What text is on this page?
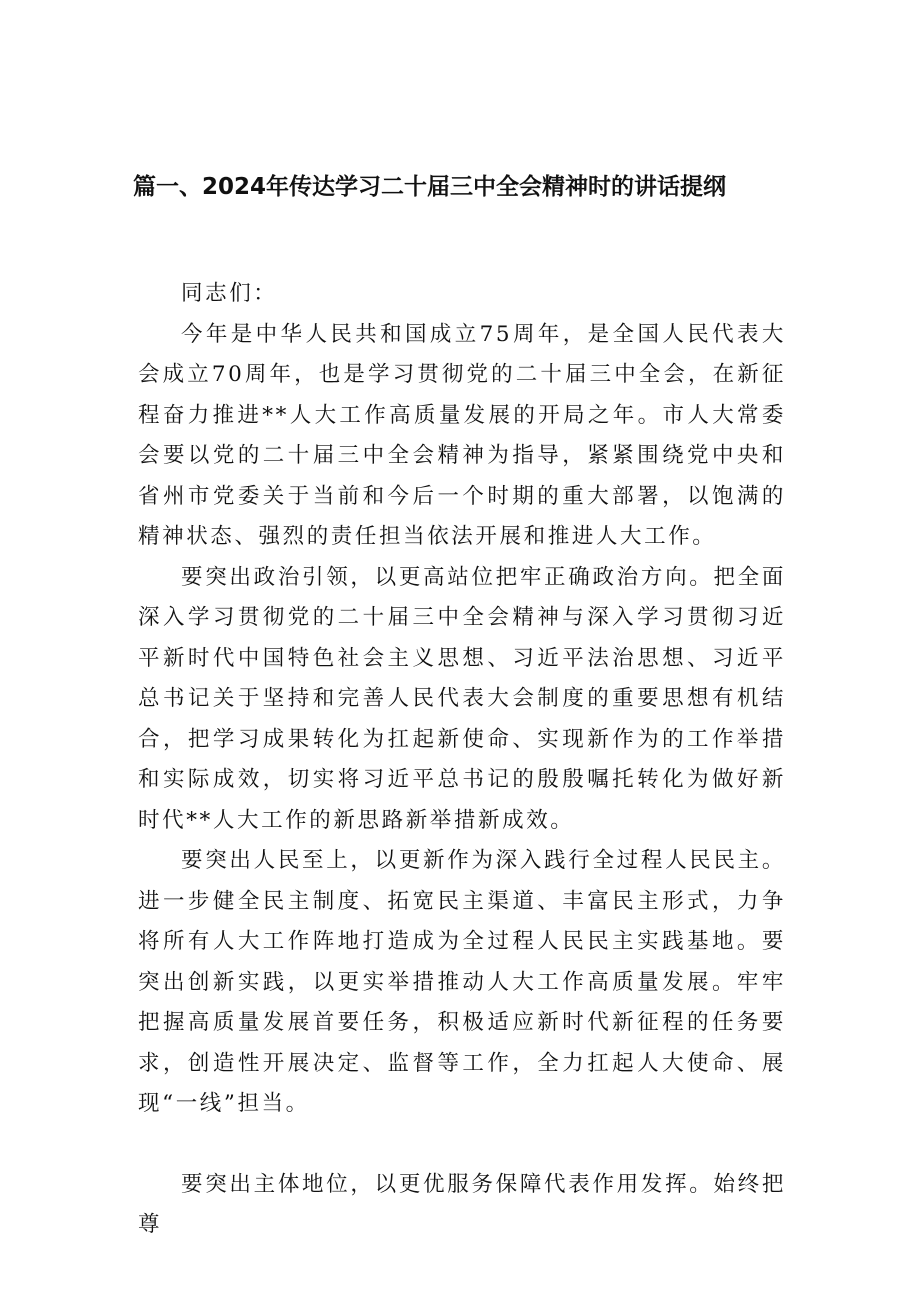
篇一、2024年传达学习二十届三中全会精神时的讲话提纲

同志们：

今年是中华人民共和国成立75周年，是全国人民代表大会成立70周年，也是学习贯彻党的二十届三中全会，在新征程奋力推进**人大工作高质量发展的开局之年。市人大常委会要以党的二十届三中全会精神为指导，紧紧围绕党中央和省州市党委关于当前和今后一个时期的重大部署，以饱满的精神状态、强烈的责任担当依法开展和推进人大工作。

要突出政治引领，以更高站位把牢正确政治方向。把全面深入学习贯彻党的二十届三中全会精神与深入学习贯彻习近平新时代中国特色社会主义思想、习近平法治思想、习近平总书记关于坚持和完善人民代表大会制度的重要思想有机结合，把学习成果转化为扛起新使命、实现新作为的工作举措和实际成效，切实将习近平总书记的殷殷嘱托转化为做好新时代**人大工作的新思路新举措新成效。

要突出人民至上，以更新作为深入践行全过程人民民主。进一步健全民主制度、拓宽民主渠道、丰富民主形式，力争将所有人大工作阵地打造成为全过程人民民主实践基地。要突出创新实践，以更实举措推动人大工作高质量发展。牢牢把握高质量发展首要任务，积极适应新时代新征程的任务要求，创造性开展决定、监督等工作，全力扛起人大使命、展现“一线”担当。

要突出主体地位，以更优服务保障代表作用发挥。始终把尊
